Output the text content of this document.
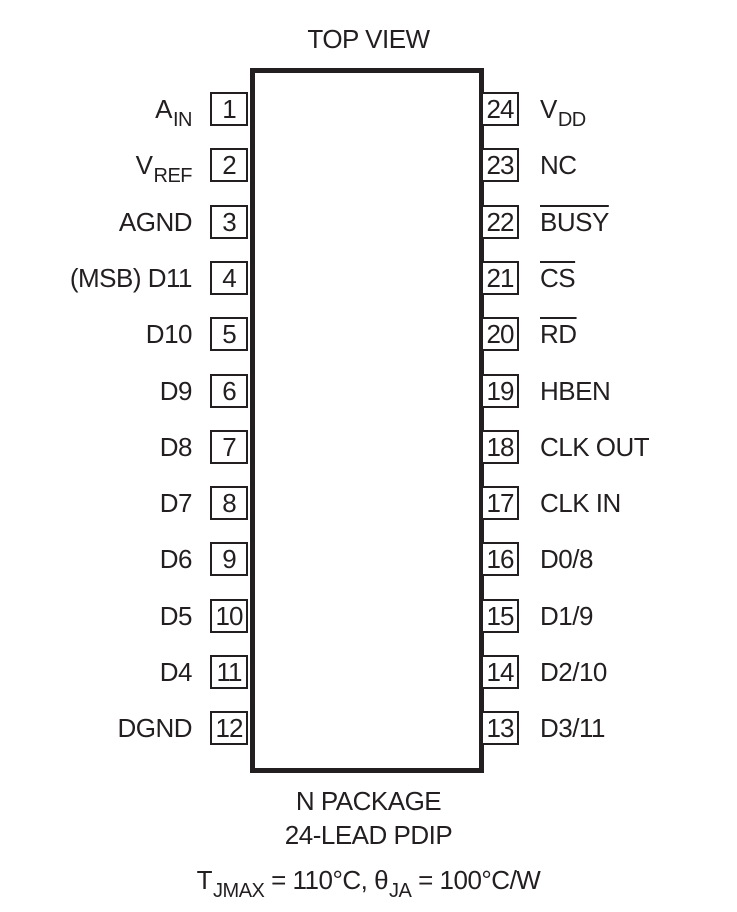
TOP VIEW
1
$A_{IN}$
2
$V_{REF}$
3
AGND
4
(MSB) D11
5
D10
6
D9
7
D8
8
D7
9
D6
10
D5
11
D4
12
DGND
24 $V_{DD}$
23 NC
22 BUSY
21 $\overline{CS}$
20 $\overline{RD}$
19 HBEN
18 CLK OUT
17 CLK IN
16 D0/8
15 D1/9
14 D2/10
13 D3/11
N PACKAGE
24-LEAD PDIP
$T_{JMAX} = 110^\circ C$, $\theta_{JA} = 100^\circ C/W$
